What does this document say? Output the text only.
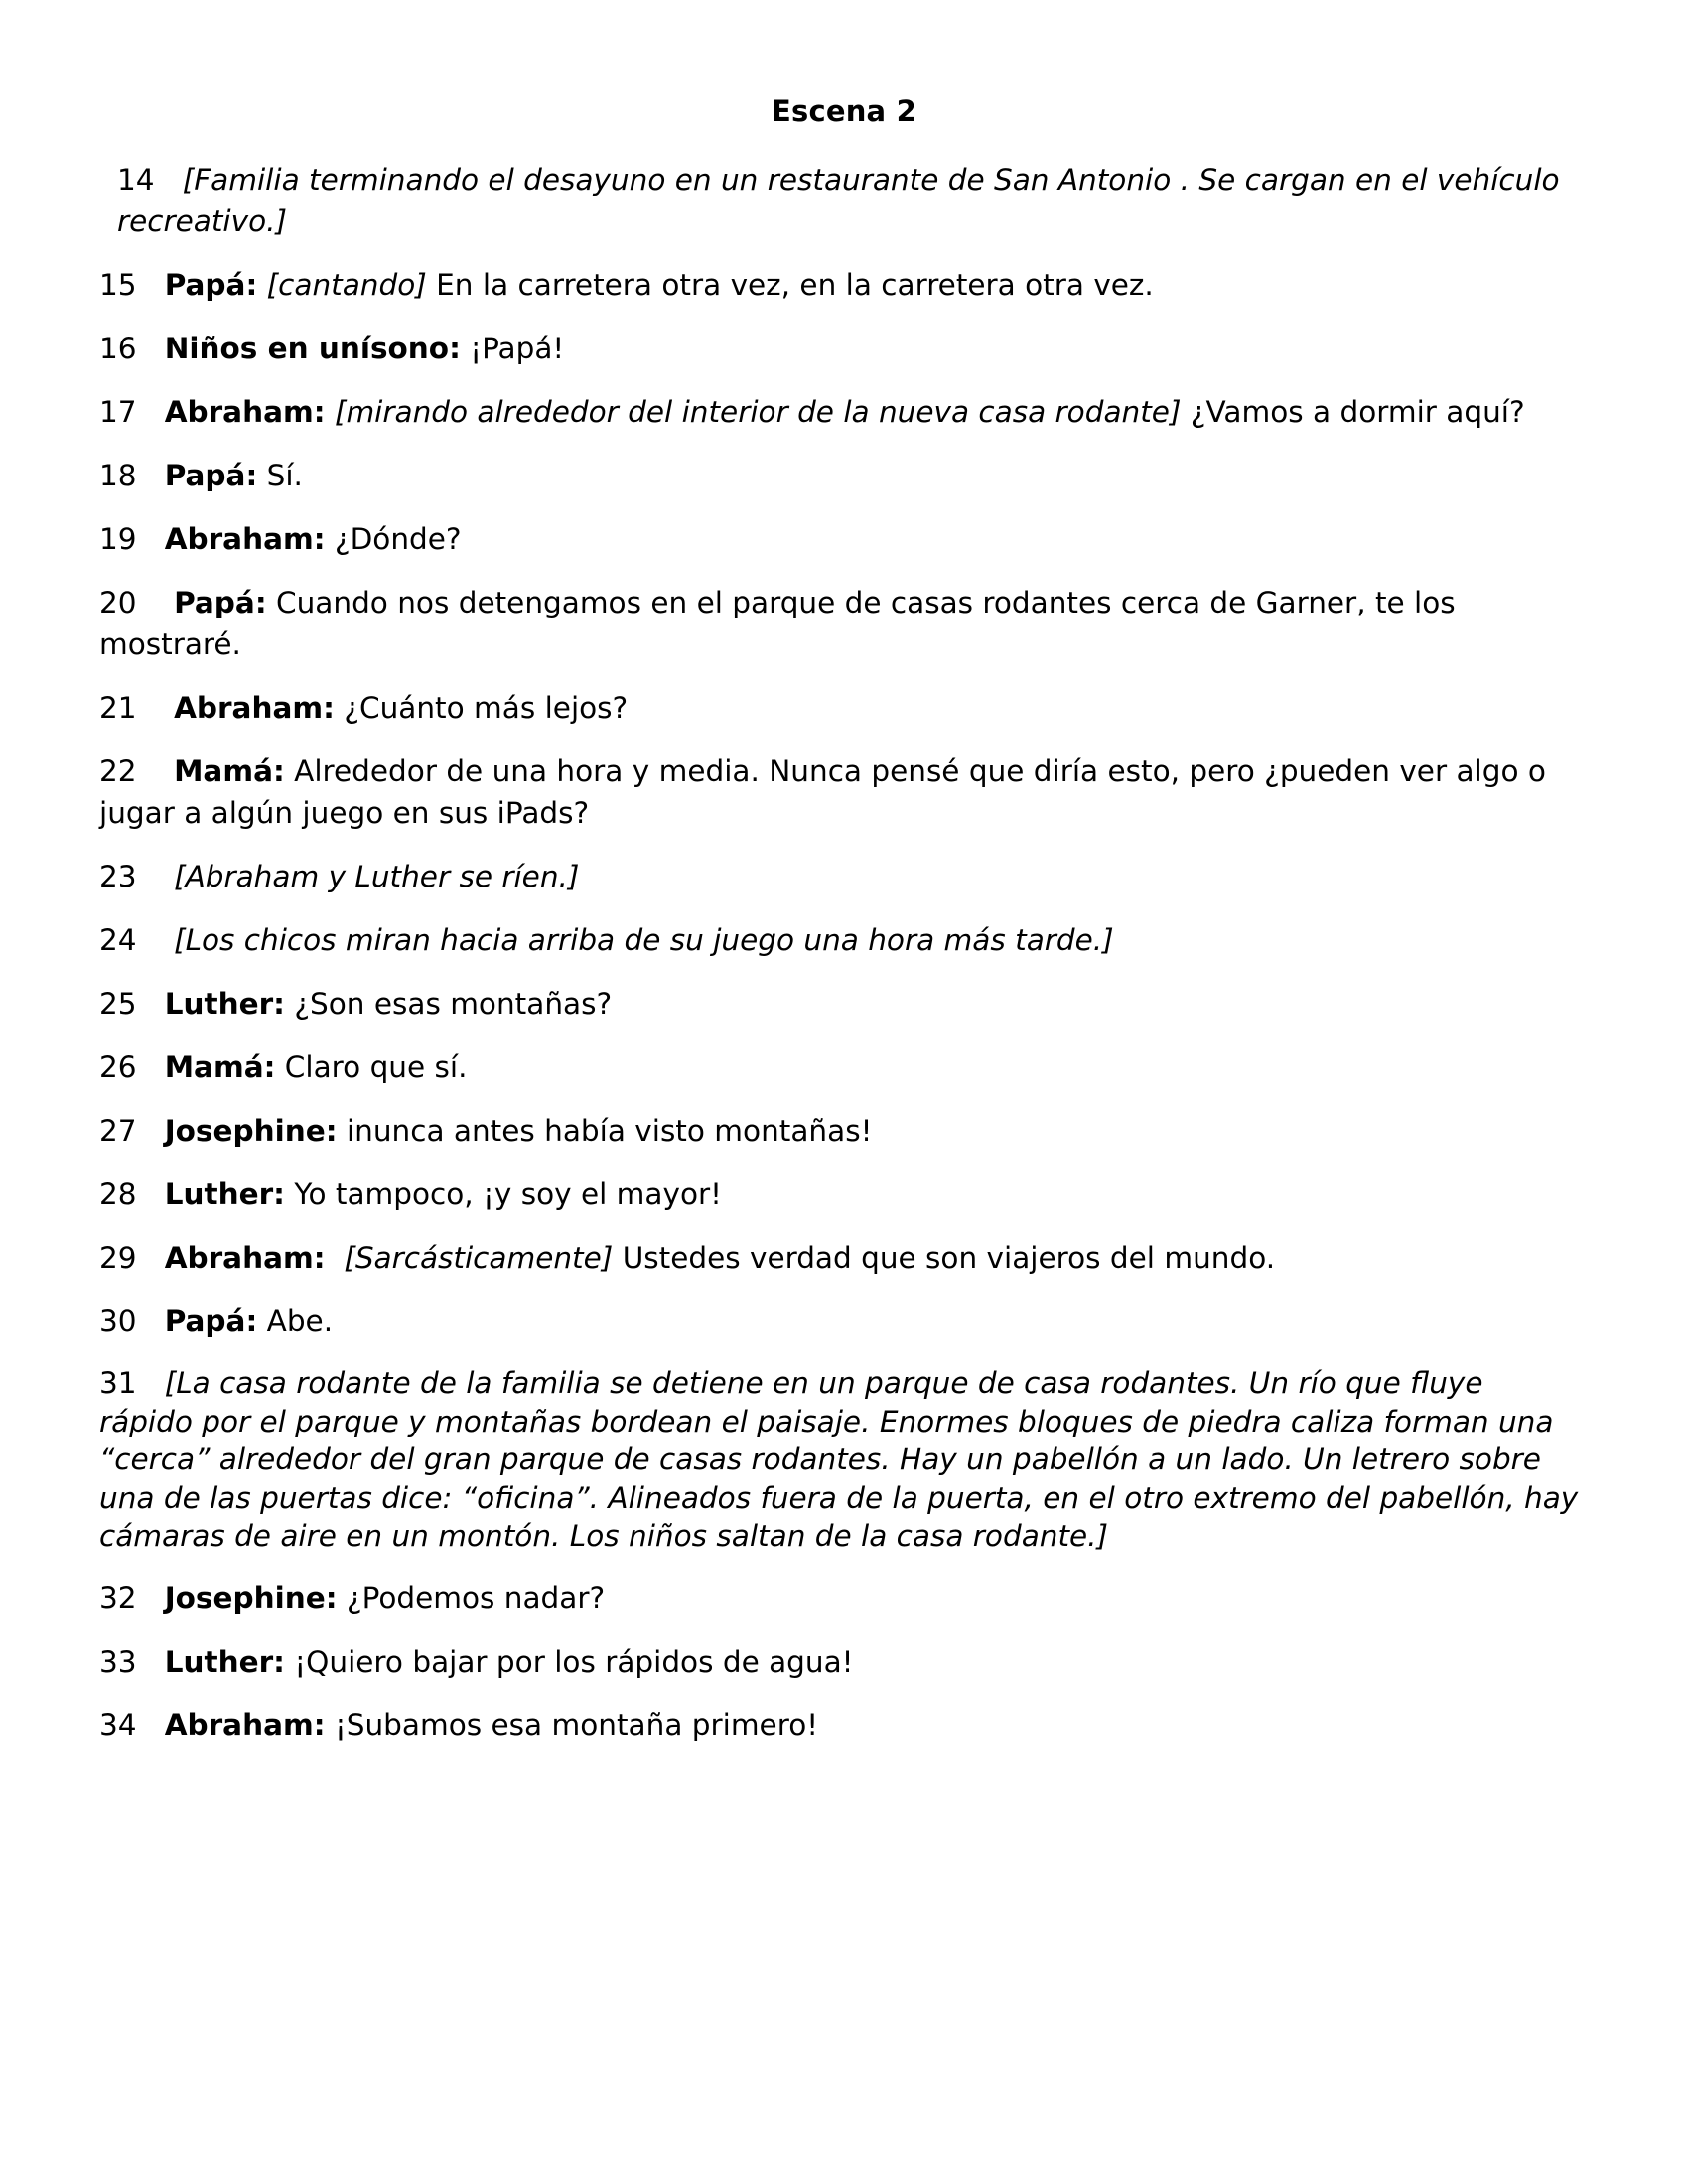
Escena 2
14 [Familia terminando el desayuno en un restaurante de San Antonio . Se cargan en el vehículo recreativo.]
15 Papá: [cantando] En la carretera otra vez, en la carretera otra vez.
16 Niños en unísono: ¡Papá!
17 Abraham: [mirando alrededor del interior de la nueva casa rodante] ¿Vamos a dormir aquí?
18 Papá: Sí.
19 Abraham: ¿Dónde?
20 Papá: Cuando nos detengamos en el parque de casas rodantes cerca de Garner, te los mostraré.
21 Abraham: ¿Cuánto más lejos?
22 Mamá: Alrededor de una hora y media. Nunca pensé que diría esto, pero ¿pueden ver algo o jugar a algún juego en sus iPads?
23 [Abraham y Luther se ríen.]
24 [Los chicos miran hacia arriba de su juego una hora más tarde.]
25 Luther: ¿Son esas montañas?
26 Mamá: Claro que sí.
27 Josephine: inunca antes había visto montañas!
28 Luther: Yo tampoco, ¡y soy el mayor!
29 Abraham: [Sarcásticamente] Ustedes verdad que son viajeros del mundo.
30 Papá: Abe.
31 [La casa rodante de la familia se detiene en un parque de casa rodantes. Un río que fluye rápido por el parque y montañas bordean el paisaje. Enormes bloques de piedra caliza forman una “cerca” alrededor del gran parque de casas rodantes. Hay un pabellón a un lado. Un letrero sobre una de las puertas dice: “oficina”. Alineados fuera de la puerta, en el otro extremo del pabellón, hay cámaras de aire en un montón. Los niños saltan de la casa rodante.]
32 Josephine: ¿Podemos nadar?
33 Luther: ¡Quiero bajar por los rápidos de agua!
34 Abraham: ¡Subamos esa montaña primero!
